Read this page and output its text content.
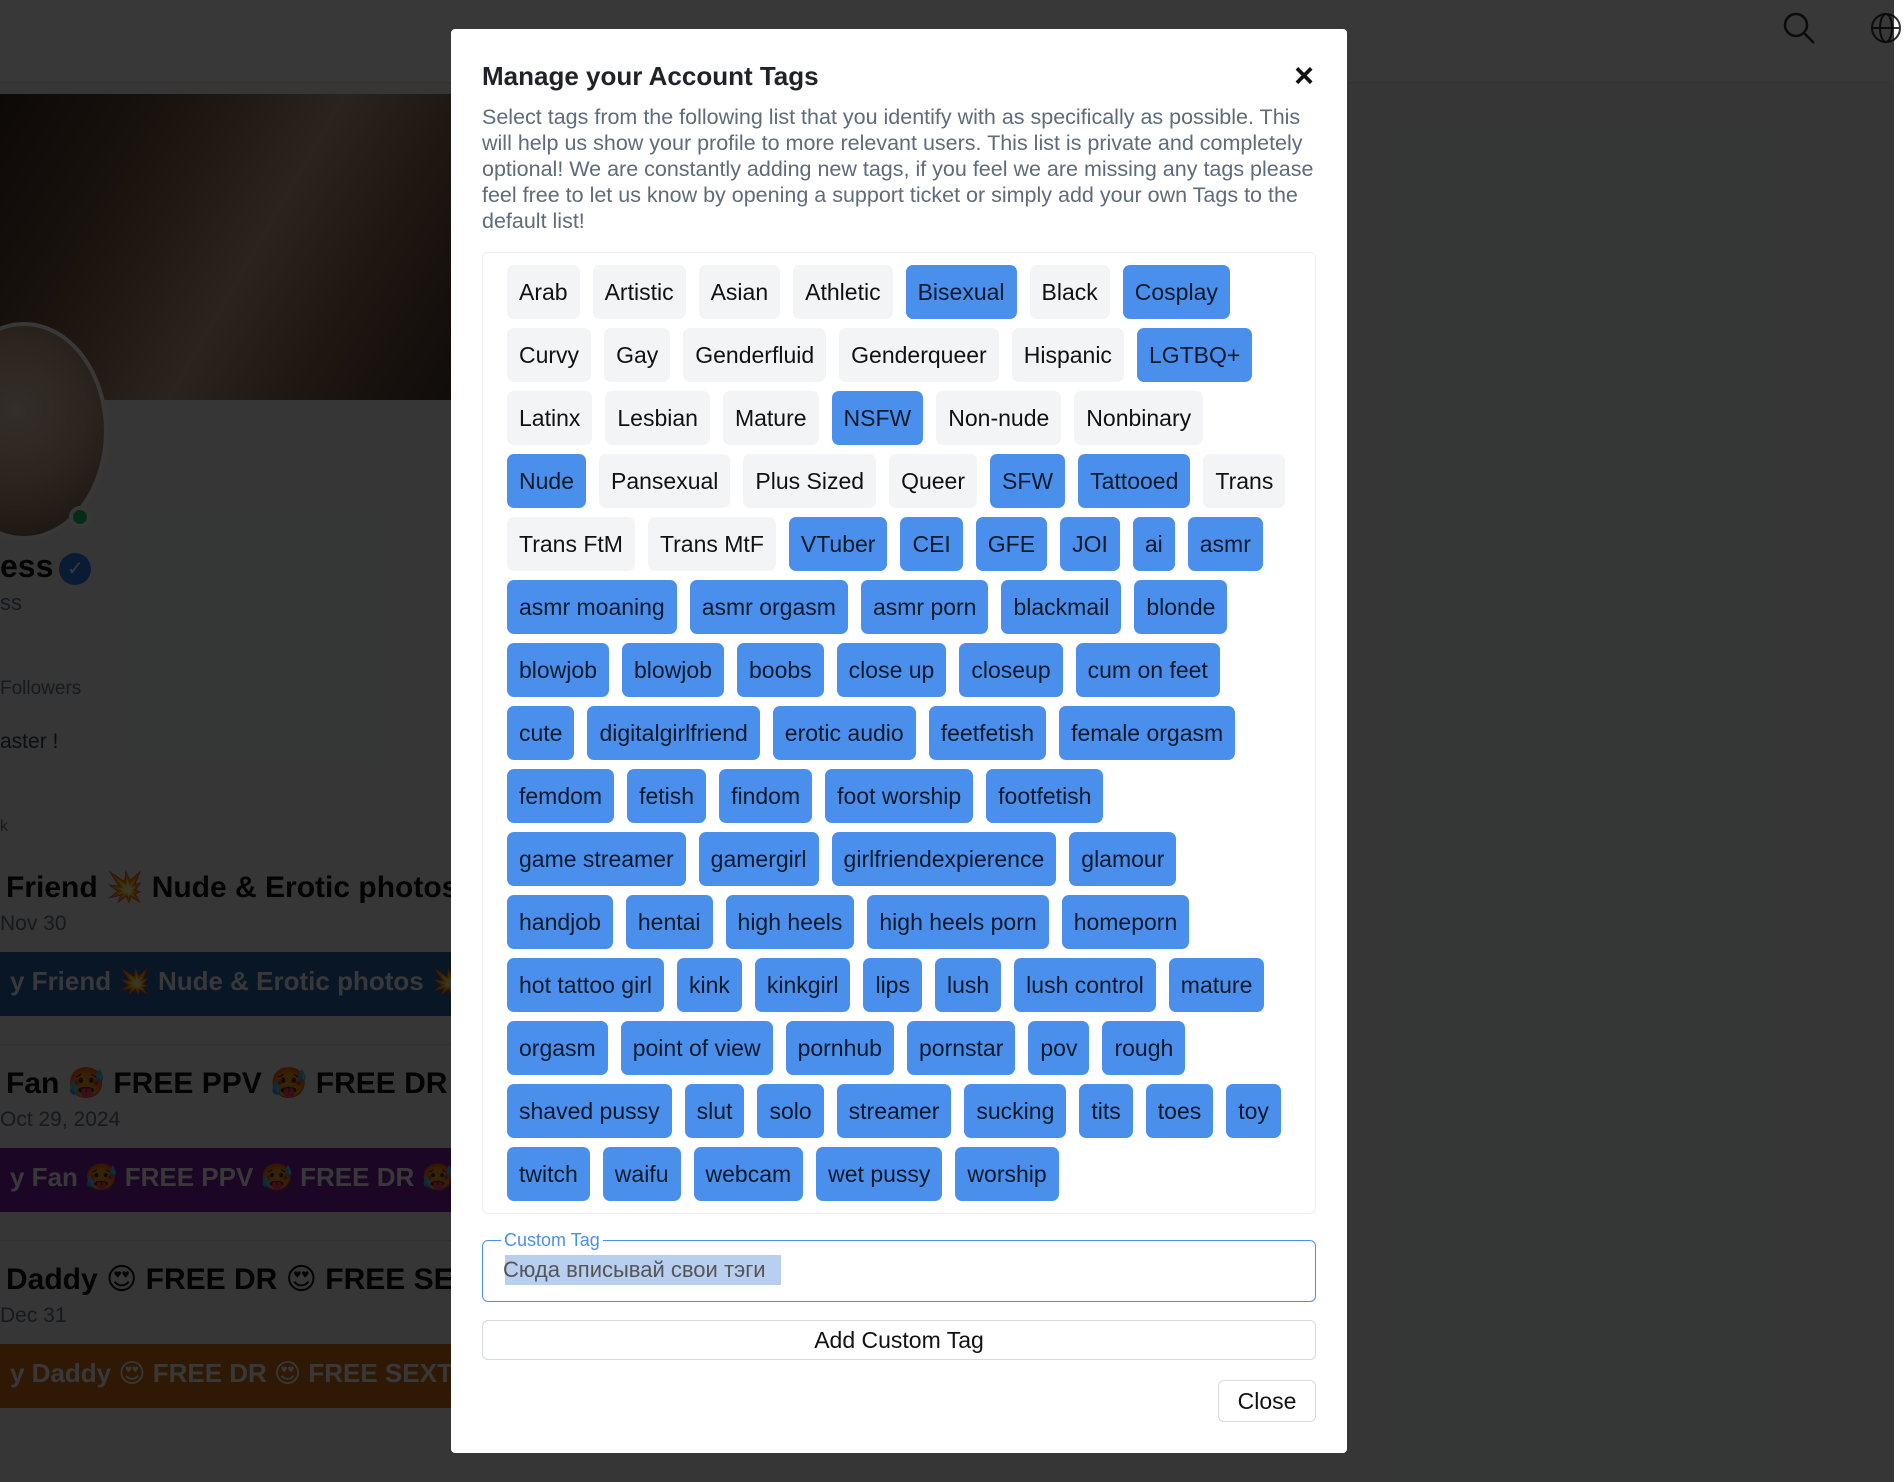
Manage your Account Tags	×
Select tags from the following list that you identify with as specifically as possible. This will help us show your profile to more relevant users. This list is private and completely optional! We are constantly adding new tags, if you feel we are missing any tags please feel free to let us know by opening a support ticket or simply add your own Tags to the default list!
Arab	Artistic	Asian	Athletic	Bisexual	Black	Cosplay
Curvy	Gay	Genderfluid	Genderqueer	Hispanic	LGTBQ+
Latinx	Lesbian	Mature	NSFW	Non-nude	Nonbinary
Nude	Pansexual	Plus Sized	Queer	SFW	Tattooed	Trans
Trans FtM	Trans MtF	VTuber	CEI	GFE	JOI	ai	asmr
asmr moaning	asmr orgasm	asmr porn	blackmail	blonde
blowjob	blowjob	boobs	close up	closeup	cum on feet
cute	digitalgirlfriend	erotic audio	feetfetish	female orgasm
femdom	fetish	findom	foot worship	footfetish
game streamer	gamergirl	girlfriendexpierence	glamour
handjob	hentai	high heels	high heels porn	homeporn
hot tattoo girl	kink	kinkgirl	lips	lush	lush control	mature
orgasm	point of view	pornhub	pornstar	pov	rough
shaved pussy	slut	solo	streamer	sucking	tits	toes	toy
twitch	waifu	webcam	wet pussy	worship
Custom Tag
Сюда вписывай свои тэги
Add Custom Tag
Close
